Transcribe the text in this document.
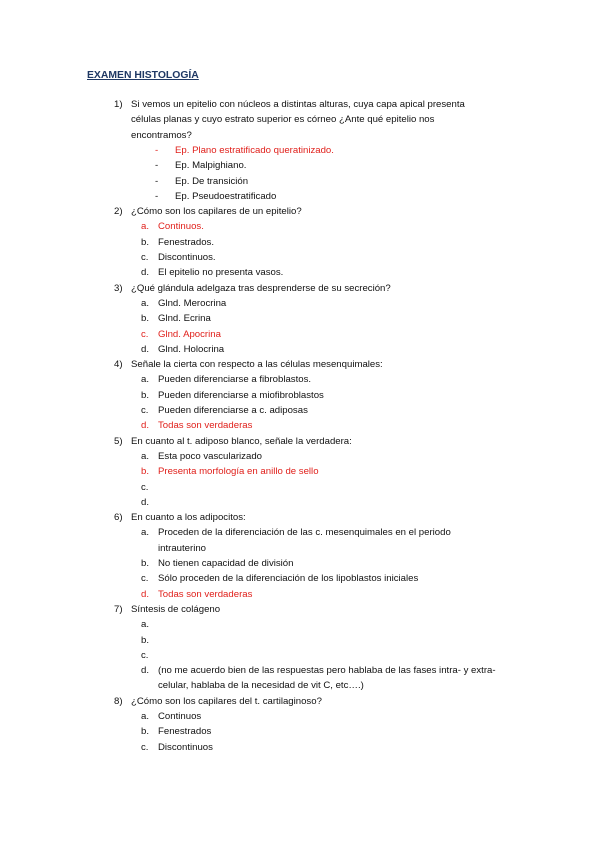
EXAMEN HISTOLOGÍA
1) Si vemos un epitelio con núcleos a distintas alturas, cuya capa apical presenta
células planas y cuyo estrato superior es córneo ¿Ante qué epitelio nos
encontramos?
- Ep. Plano estratificado queratinizado.
- Ep. Malpighiano.
- Ep. De transición
- Ep. Pseudoestratificado
2) ¿Cómo son los capilares de un epitelio?
a. Continuos.
b. Fenestrados.
c. Discontinuos.
d. El epitelio no presenta vasos.
3) ¿Qué glándula adelgaza tras desprenderse de su secreción?
a. Glnd. Merocrina
b. Glnd. Ecrina
c. Glnd. Apocrina
d. Glnd. Holocrina
4) Señale la cierta con respecto a las células mesenquimales:
a. Pueden diferenciarse a fibroblastos.
b. Pueden diferenciarse a miofibroblastos
c. Pueden diferenciarse a c. adiposas
d. Todas son verdaderas
5) En cuanto al t. adiposo blanco, señale la verdadera:
a. Esta poco vascularizado
b. Presenta morfología en anillo de sello
c.
d.
6) En cuanto a los adipocitos:
a. Proceden de la diferenciación de las c. mesenquimales en el periodo
intrauterino
b. No tienen capacidad de división
c. Sólo proceden de la diferenciación de los lipoblastos iniciales
d. Todas son verdaderas
7) Síntesis de colágeno
a.
b.
c.
d. (no me acuerdo bien de las respuestas pero hablaba de las fases intra- y extra-
celular, hablaba de la necesidad de vit C, etc….)
8) ¿Cómo son los capilares del t. cartilaginoso?
a. Continuos
b. Fenestrados
c. Discontinuos
